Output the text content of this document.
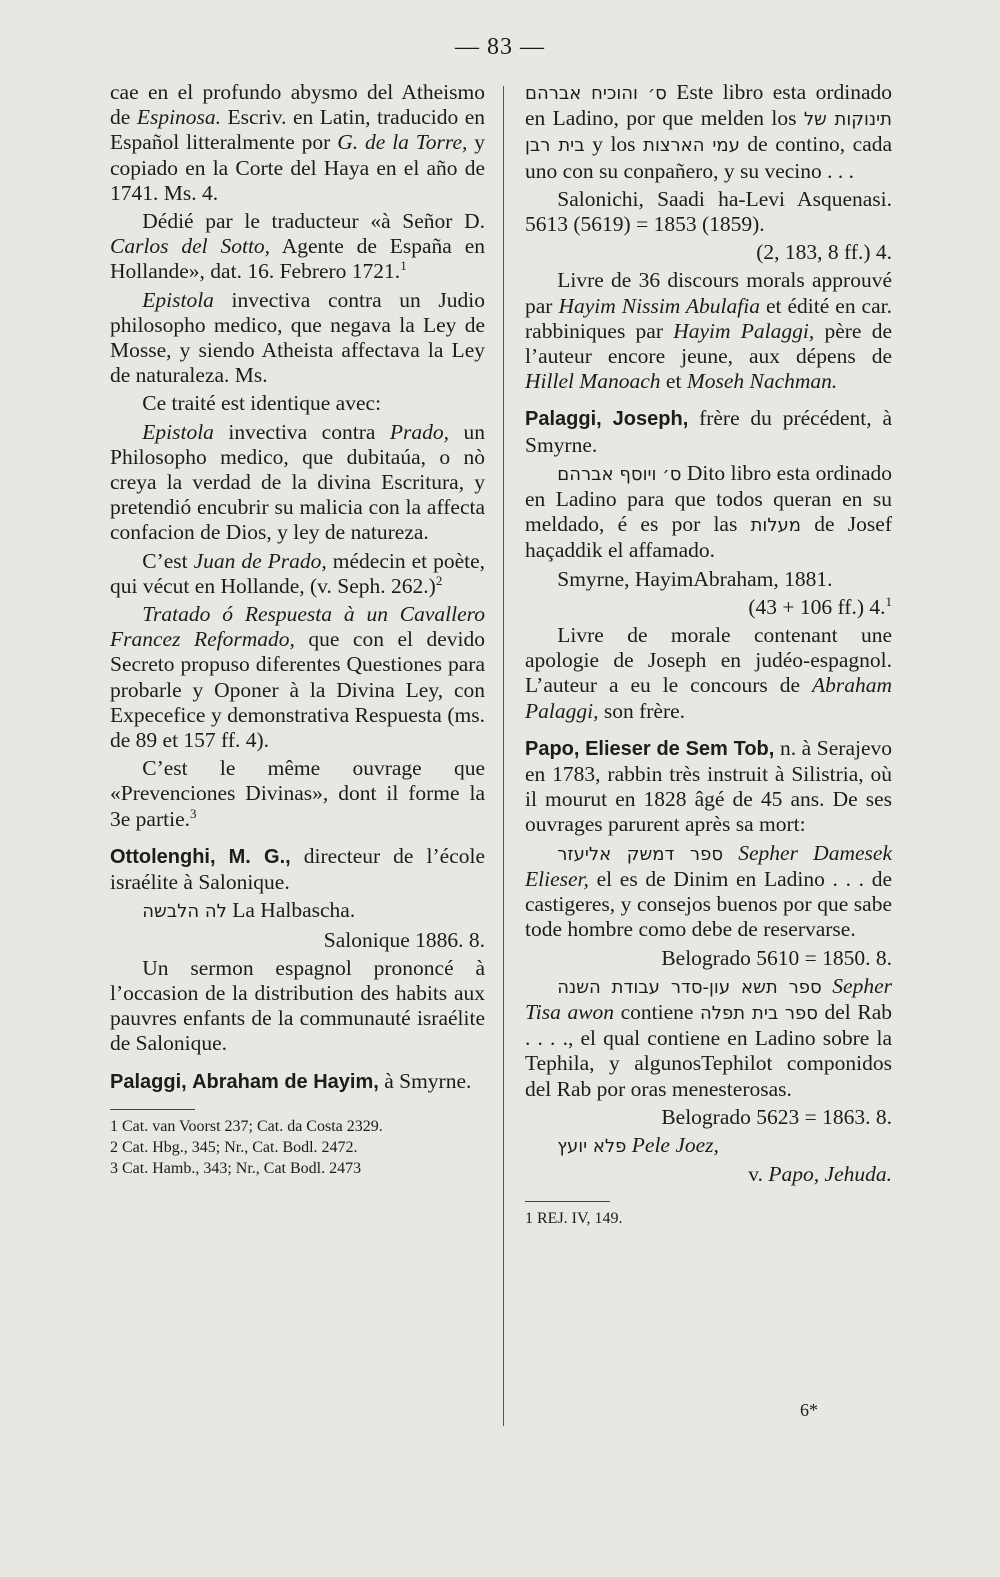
— 83 —

cae en el profundo abysmo del Atheismo de Espinosa. Escriv. en Latin, traducido en Español litteralmente por G. de la Torre, y copiado en la Corte del Haya en el año de 1741. Ms. 4.

Dédié par le traducteur «à Señor D. Carlos del Sotto, Agente de España en Hollande», dat. 16. Febrero 1721.$^1$

Epistola invectiva contra un Judio philosopho medico, que negava la Ley de Mosse, y siendo Atheista affectava la Ley de naturaleza. Ms.

Ce traité est identique avec:

Epistola invectiva contra Prado, un Philosopho medico, que dubitaúa, o nò creya la verdad de la divina Escritura, y pretendió encubrir su malicia con la affecta confacion de Dios, y ley de natureza.

C’est Juan de Prado, médecin et poète, qui vécut en Hollande, (v. Seph. 262.)$^2$

Tratado ó Respuesta à un Cavallero Francez Reformado, que con el devido Secreto propuso diferentes Questiones para probarle y Oponer à la Divina Ley, con Expecefice y demonstrativa Respuesta (ms. de 89 et 157 ff. 4).

C’est le même ouvrage que «Prevenciones Divinas», dont il forme la 3e partie.$^3$

Ottolenghi, M. G., directeur de l’école israélite à Salonique.

לה הלבשה La Halbascha.

Salonique 1886. 8.

Un sermon espagnol prononcé à l’occasion de la distribution des habits aux pauvres enfants de la communauté israélite de Salonique.

Palaggi, Abraham de Hayim, à Smyrne.

1 Cat. van Voorst 237; Cat. da Costa 2329.

2 Cat. Hbg., 345; Nr., Cat. Bodl. 2472.

3 Cat. Hamb., 343; Nr., Cat Bodl. 2473

ס׳ והוכיח אברהם Este libro esta ordinado en Ladino, por que melden los תינוקות של בית רבן y los עמי הארצות de contino, cada uno con su conpañero, y su vecino . . .

Salonichi, Saadi ha-Levi Asquenasi. 5613 (5619) = 1853 (1859).

(2, 183, 8 ff.) 4.

Livre de 36 discours morals approuvé par Hayim Nissim Abulafia et édité en car. rabbiniques par Hayim Palaggi, père de l’auteur encore jeune, aux dépens de Hillel Manoach et Moseh Nachman.

Palaggi, Joseph, frère du précédent, à Smyrne.

ס׳ ויוסף אברהם Dito libro esta ordinado en Ladino para que todos queran en su meldado, é es por las מעלות de Josef haçaddik el affamado.

Smyrne, HayimAbraham, 1881.

(43 + 106 ff.) 4.$^1$

Livre de morale contenant une apologie de Joseph en judéo-espagnol. L’auteur a eu le concours de Abraham Palaggi, son frère.

Papo, Elieser de Sem Tob, n. à Serajevo en 1783, rabbin très instruit à Silistria, où il mourut en 1828 âgé de 45 ans. De ses ouvrages parurent après sa mort:

ספר דמשק אליעזר Sepher Damesek Elieser, el es de Dinim en Ladino . . . de castigeres, y consejos buenos por que sabe tode hombre como debe de reservarse.

Belogrado 5610 = 1850. 8.

ספר תשא עון-סדר עבודת השנה Sepher Tisa awon contiene	ספר בית תפלה del Rab . . . ., el qual contiene en Ladino sobre la Tephila, y algunosTephilot componidos del Rab por oras menesterosas.

Belogrado 5623 = 1863. 8.

פלא יועץ Pele Joez,

v. Papo, Jehuda.

1 REJ. IV, 149.

6*
